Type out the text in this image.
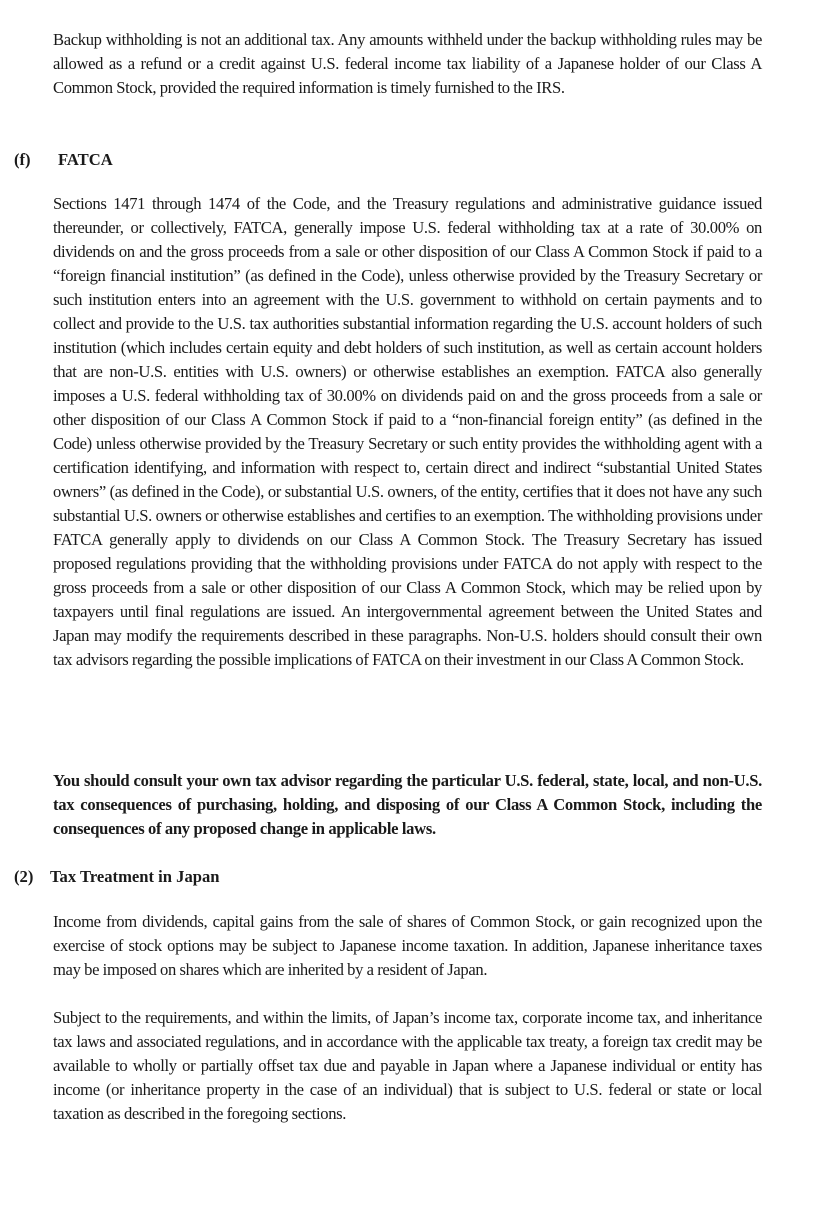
Backup withholding is not an additional tax. Any amounts withheld under the backup withholding rules may be allowed as a refund or a credit against U.S. federal income tax liability of a Japanese holder of our Class A Common Stock, provided the required information is timely furnished to the IRS.

(f) FATCA

Sections 1471 through 1474 of the Code, and the Treasury regulations and administrative guidance issued thereunder, or collectively, FATCA, generally impose U.S. federal withholding tax at a rate of 30.00% on dividends on and the gross proceeds from a sale or other disposition of our Class A Common Stock if paid to a “foreign financial institution” (as defined in the Code), unless otherwise provided by the Treasury Secretary or such institution enters into an agreement with the U.S. government to withhold on certain payments and to collect and provide to the U.S. tax authorities substantial information regarding the U.S. account holders of such institution (which includes certain equity and debt holders of such institution, as well as certain account holders that are non-U.S. entities with U.S. owners) or otherwise establishes an exemption. FATCA also generally imposes a U.S. federal withholding tax of 30.00% on dividends paid on and the gross proceeds from a sale or other disposition of our Class A Common Stock if paid to a “non-financial foreign entity” (as defined in the Code) unless otherwise provided by the Treasury Secretary or such entity provides the withholding agent with a certification identifying, and information with respect to, certain direct and indirect “substantial United States owners” (as defined in the Code), or substantial U.S. owners, of the entity, certifies that it does not have any such substantial U.S. owners or otherwise establishes and certifies to an exemption. The withholding provisions under FATCA generally apply to dividends on our Class A Common Stock. The Treasury Secretary has issued proposed regulations providing that the withholding provisions under FATCA do not apply with respect to the gross proceeds from a sale or other disposition of our Class A Common Stock, which may be relied upon by taxpayers until final regulations are issued. An intergovernmental agreement between the United States and Japan may modify the requirements described in these paragraphs. Non-U.S. holders should consult their own tax advisors regarding the possible implications of FATCA on their investment in our Class A Common Stock.

You should consult your own tax advisor regarding the particular U.S. federal, state, local, and non-U.S. tax consequences of purchasing, holding, and disposing of our Class A Common Stock, including the consequences of any proposed change in applicable laws.

(2) Tax Treatment in Japan

Income from dividends, capital gains from the sale of shares of Common Stock, or gain recognized upon the exercise of stock options may be subject to Japanese income taxation. In addition, Japanese inheritance taxes may be imposed on shares which are inherited by a resident of Japan.

Subject to the requirements, and within the limits, of Japan’s income tax, corporate income tax, and inheritance tax laws and associated regulations, and in accordance with the applicable tax treaty, a foreign tax credit may be available to wholly or partially offset tax due and payable in Japan where a Japanese individual or entity has income (or inheritance property in the case of an individual) that is subject to U.S. federal or state or local taxation as described in the foregoing sections.
